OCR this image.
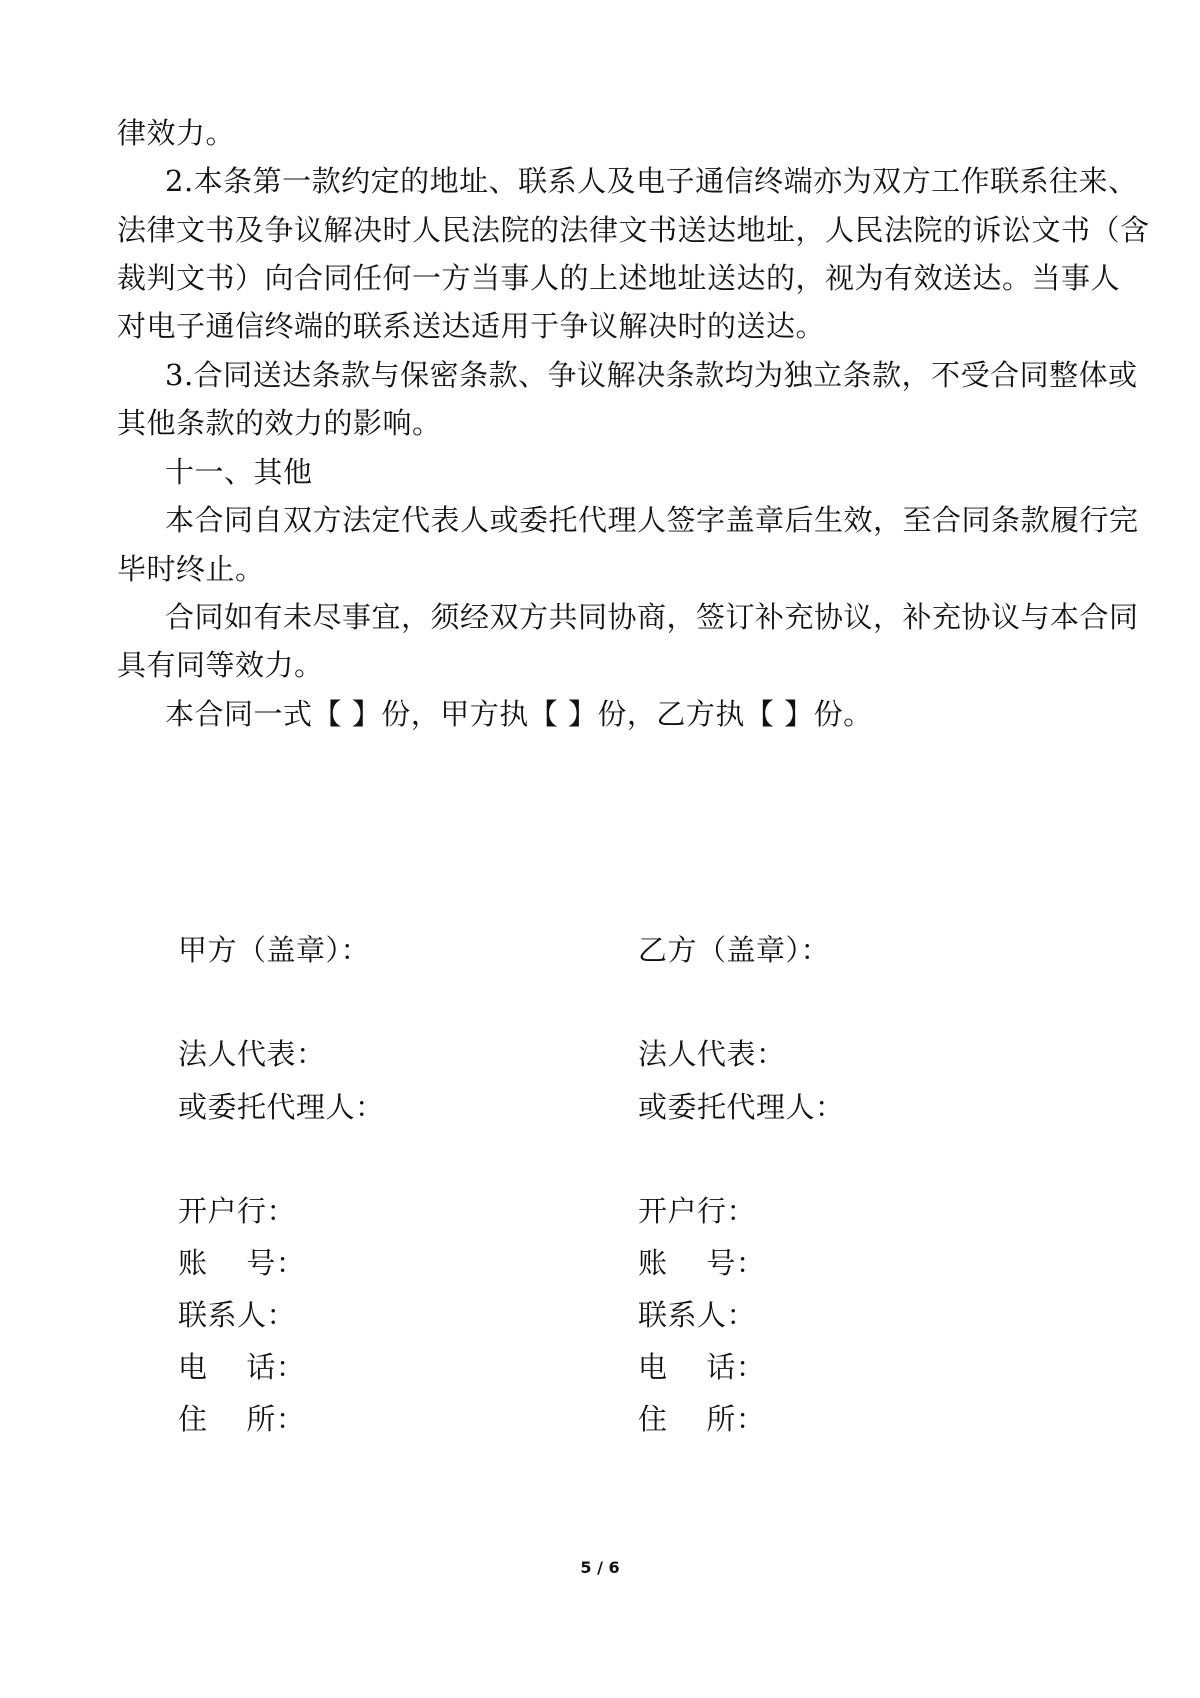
律效力。
2.本条第一款约定的地址、联系人及电子通信终端亦为双方工作联系往来、
法律文书及争议解决时人民法院的法律文书送达地址，人民法院的诉讼文书（含
裁判文书）向合同任何一方当事人的上述地址送达的，视为有效送达。当事人
对电子通信终端的联系送达适用于争议解决时的送达。
3.合同送达条款与保密条款、争议解决条款均为独立条款，不受合同整体或
其他条款的效力的影响。
十一、其他
本合同自双方法定代表人或委托代理人签字盖章后生效，至合同条款履行完
毕时终止。
合同如有未尽事宜，须经双方共同协商，签订补充协议，补充协议与本合同
具有同等效力。
本合同一式【 】份，甲方执【 】份，乙方执【 】份。
甲方（盖章）：
法人代表：
或委托代理人：
开户行：
账    号：
联系人：
电    话：
住    所：
乙方（盖章）：
法人代表：
或委托代理人：
开户行：
账    号：
联系人：
电    话：
住    所：
5 / 6
